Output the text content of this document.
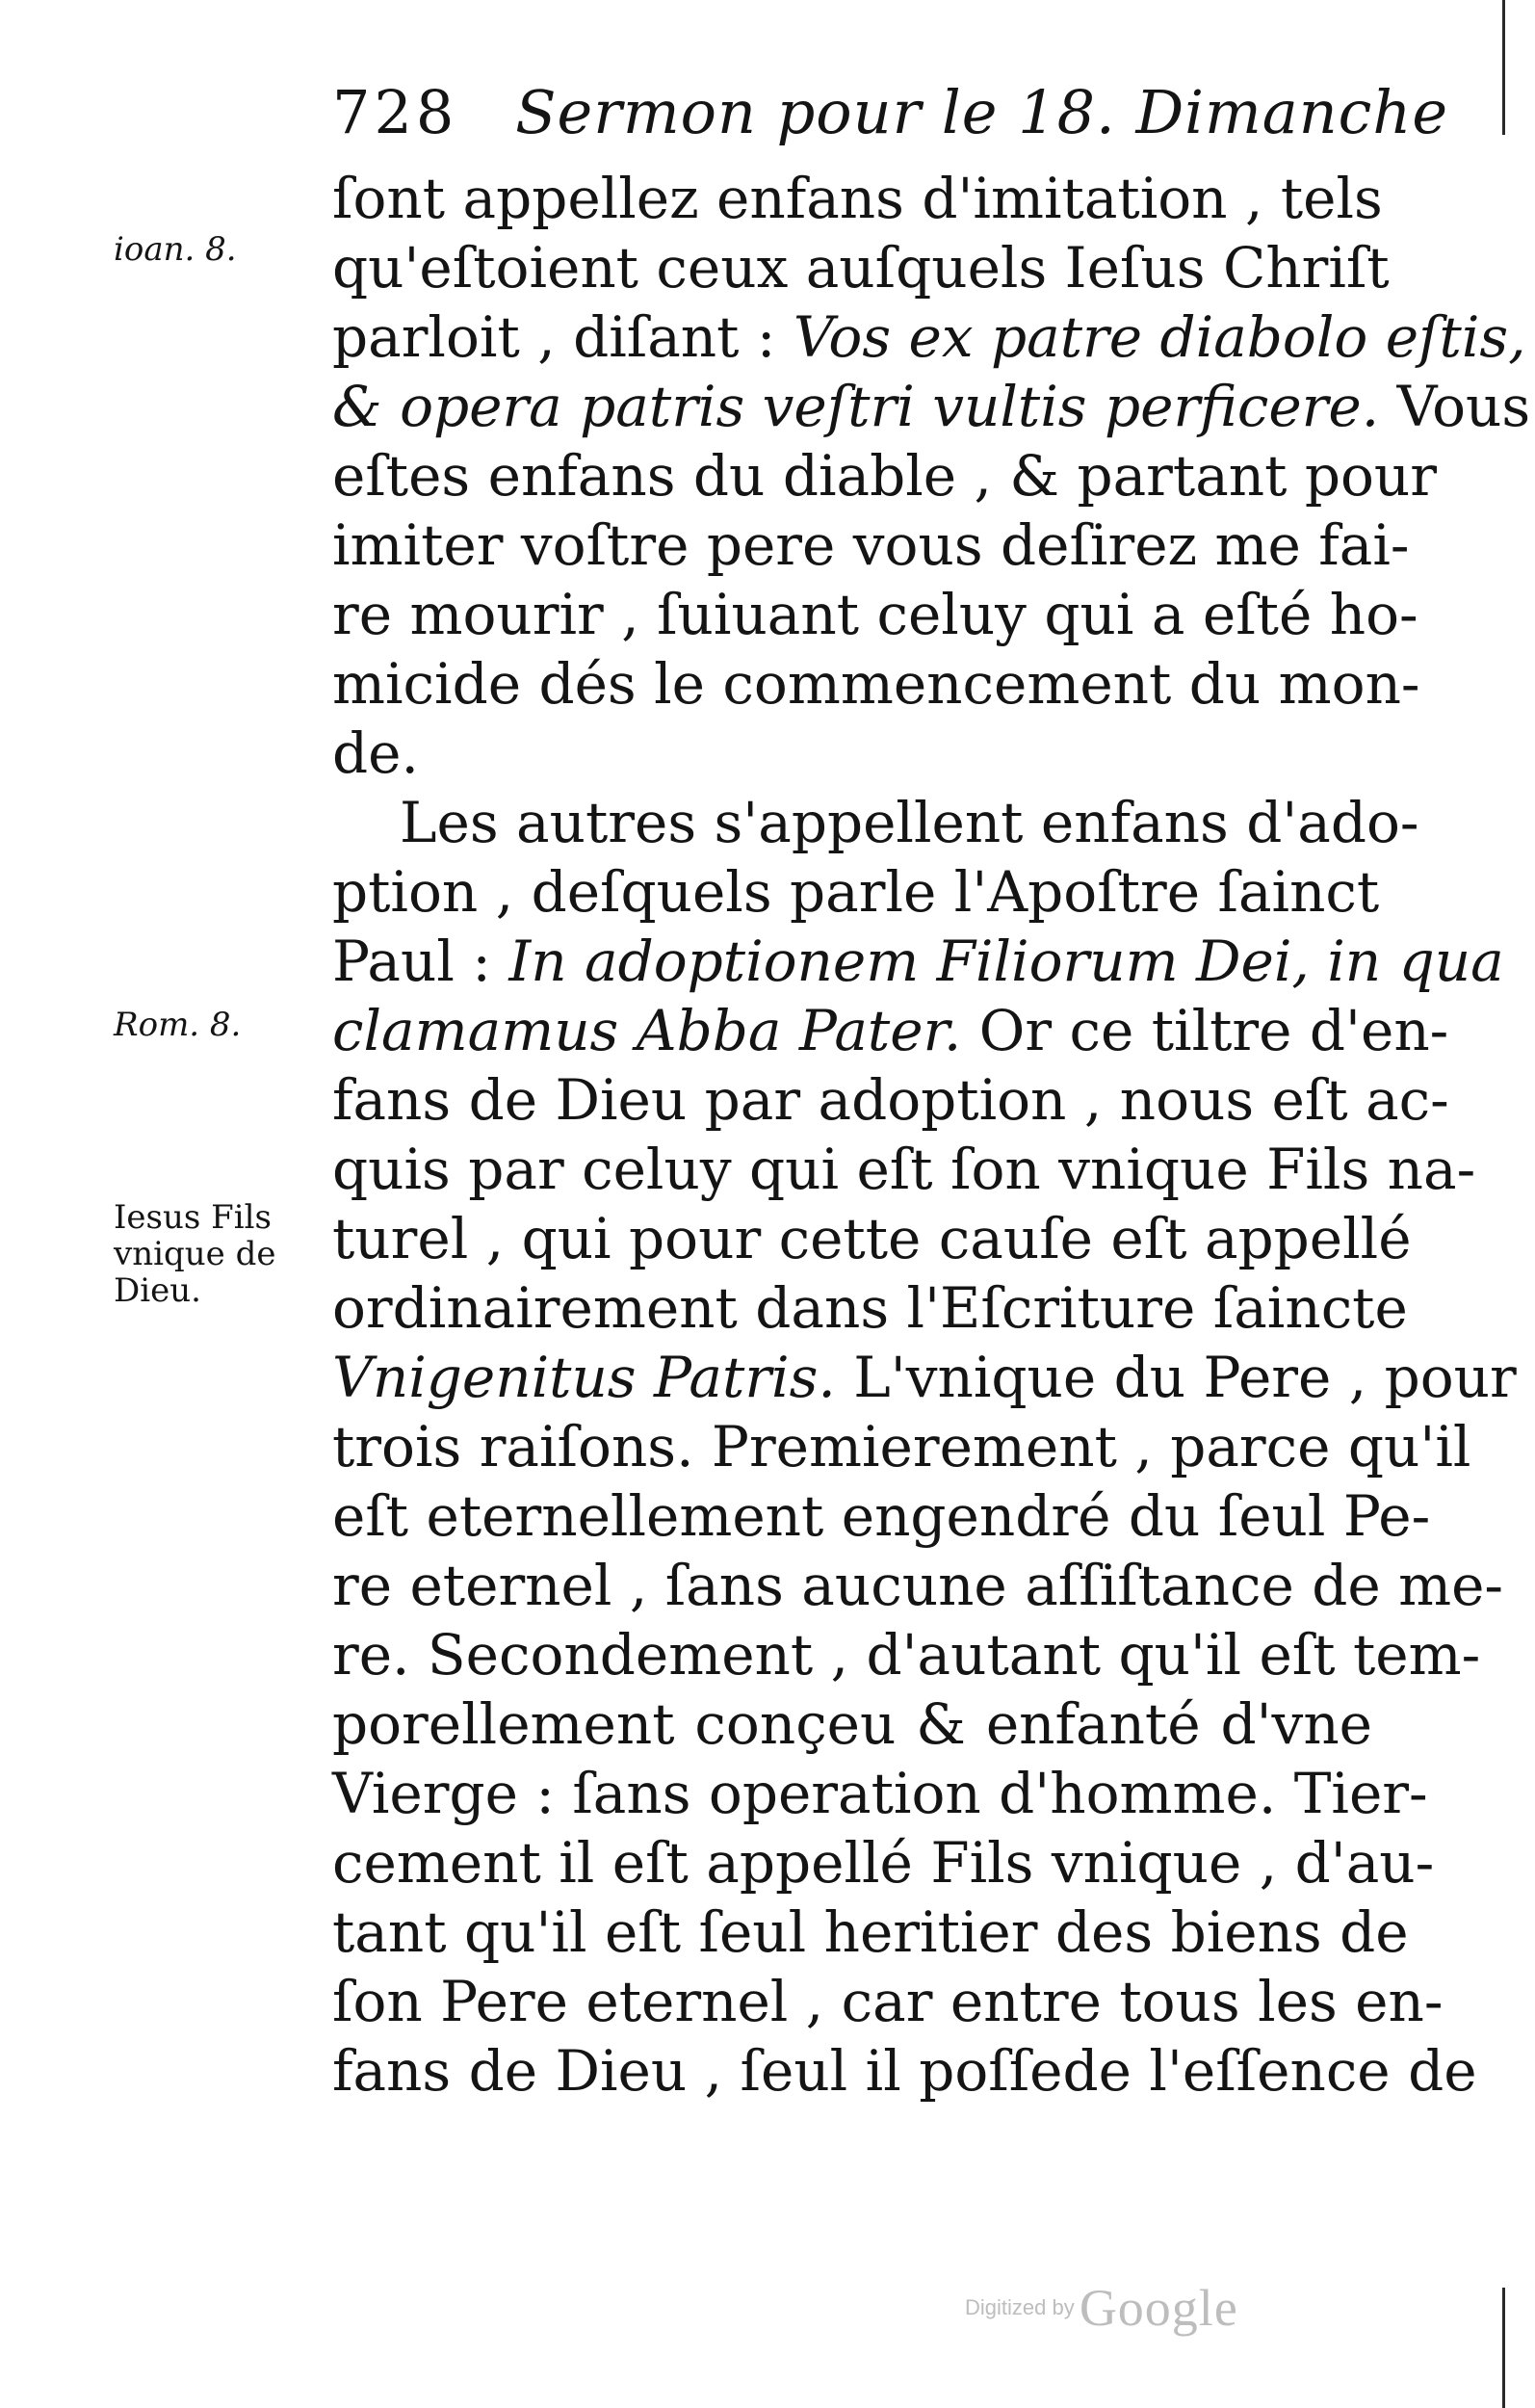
728 Sermon pour le 18. Dimanche
ioan. 8.
Rom. 8.
Iesus Fils vnique de Dieu.
ſont appellez enfans d'imitation , tels
qu'eſtoient ceux auſquels Ieſus Chriſt
parloit , diſant : Vos ex patre diabolo eſtis,
& opera patris veſtri vultis perficere. Vous
eſtes enfans du diable , & partant pour
imiter voſtre pere vous deſirez me fai-
re mourir , ſuiuant celuy qui a eſté ho-
micide dés le commencement du mon-
de.
Les autres s'appellent enfans d'ado-
ption , deſquels parle l'Apoſtre ſainct
Paul : In adoptionem Filiorum Dei, in qua
clamamus Abba Pater. Or ce tiltre d'en-
fans de Dieu par adoption , nous eſt ac-
quis par celuy qui eſt ſon vnique Fils na-
turel , qui pour cette cauſe eſt appellé
ordinairement dans l'Eſcriture ſaincte
Vnigenitus Patris. L'vnique du Pere , pour
trois raiſons. Premierement , parce qu'il
eſt eternellement engendré du ſeul Pe-
re eternel , ſans aucune aſſiſtance de me-
re. Secondement , d'autant qu'il eſt tem-
porellement conçeu & enfanté d'vne
Vierge : ſans operation d'homme. Tier-
cement il eſt appellé Fils vnique , d'au-
tant qu'il eſt ſeul heritier des biens de
ſon Pere eternel , car entre tous les en-
fans de Dieu , ſeul il poſſede l'eſſence de
Digitized by Google
